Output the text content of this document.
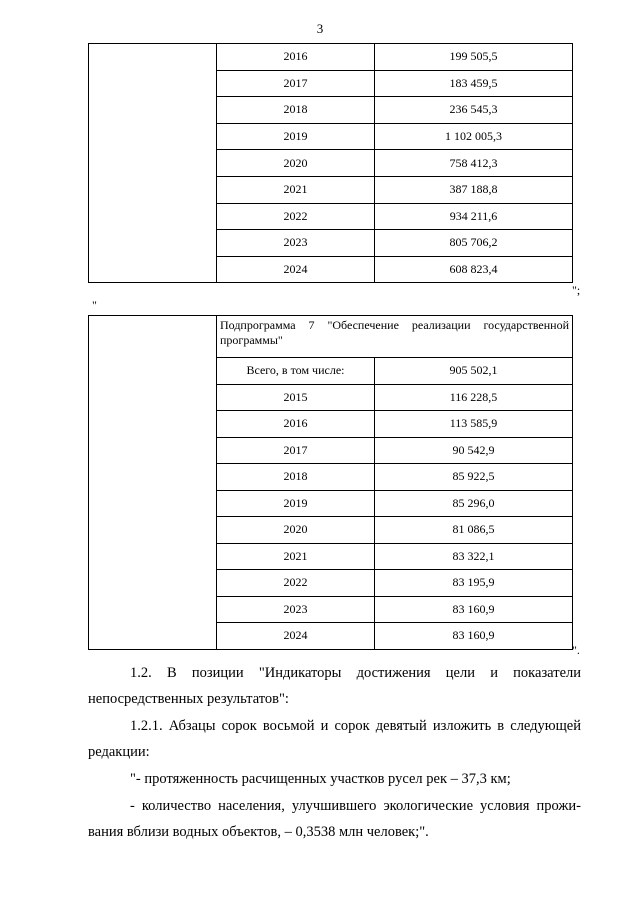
3
	2016	199 505,5
	2017	183 459,5
	2018	236 545,3
	2019	1 102 005,3
	2020	758 412,3
	2021	387 188,8
	2022	934 211,6
	2023	805 706,2
	2024	608 823,4
";
"
	Подпрограмма 7 "Обеспечение реализации государственной программы"	
	Всего, в том числе:	905 502,1
	2015	116 228,5
	2016	113 585,9
	2017	90 542,9
	2018	85 922,5
	2019	85 296,0
	2020	81 086,5
	2021	83 322,1
	2022	83 195,9
	2023	83 160,9
	2024	83 160,9
".
1.2. В позиции "Индикаторы достижения цели и показатели
непосредственных результатов":
1.2.1. Абзацы сорок восьмой и сорок девятый изложить в следующей
редакции:
"- протяженность расчищенных участков русел рек – 37,3 км;
- количество населения, улучшившего экологические условия прожи-
вания вблизи водных объектов, – 0,3538 млн человек;".
